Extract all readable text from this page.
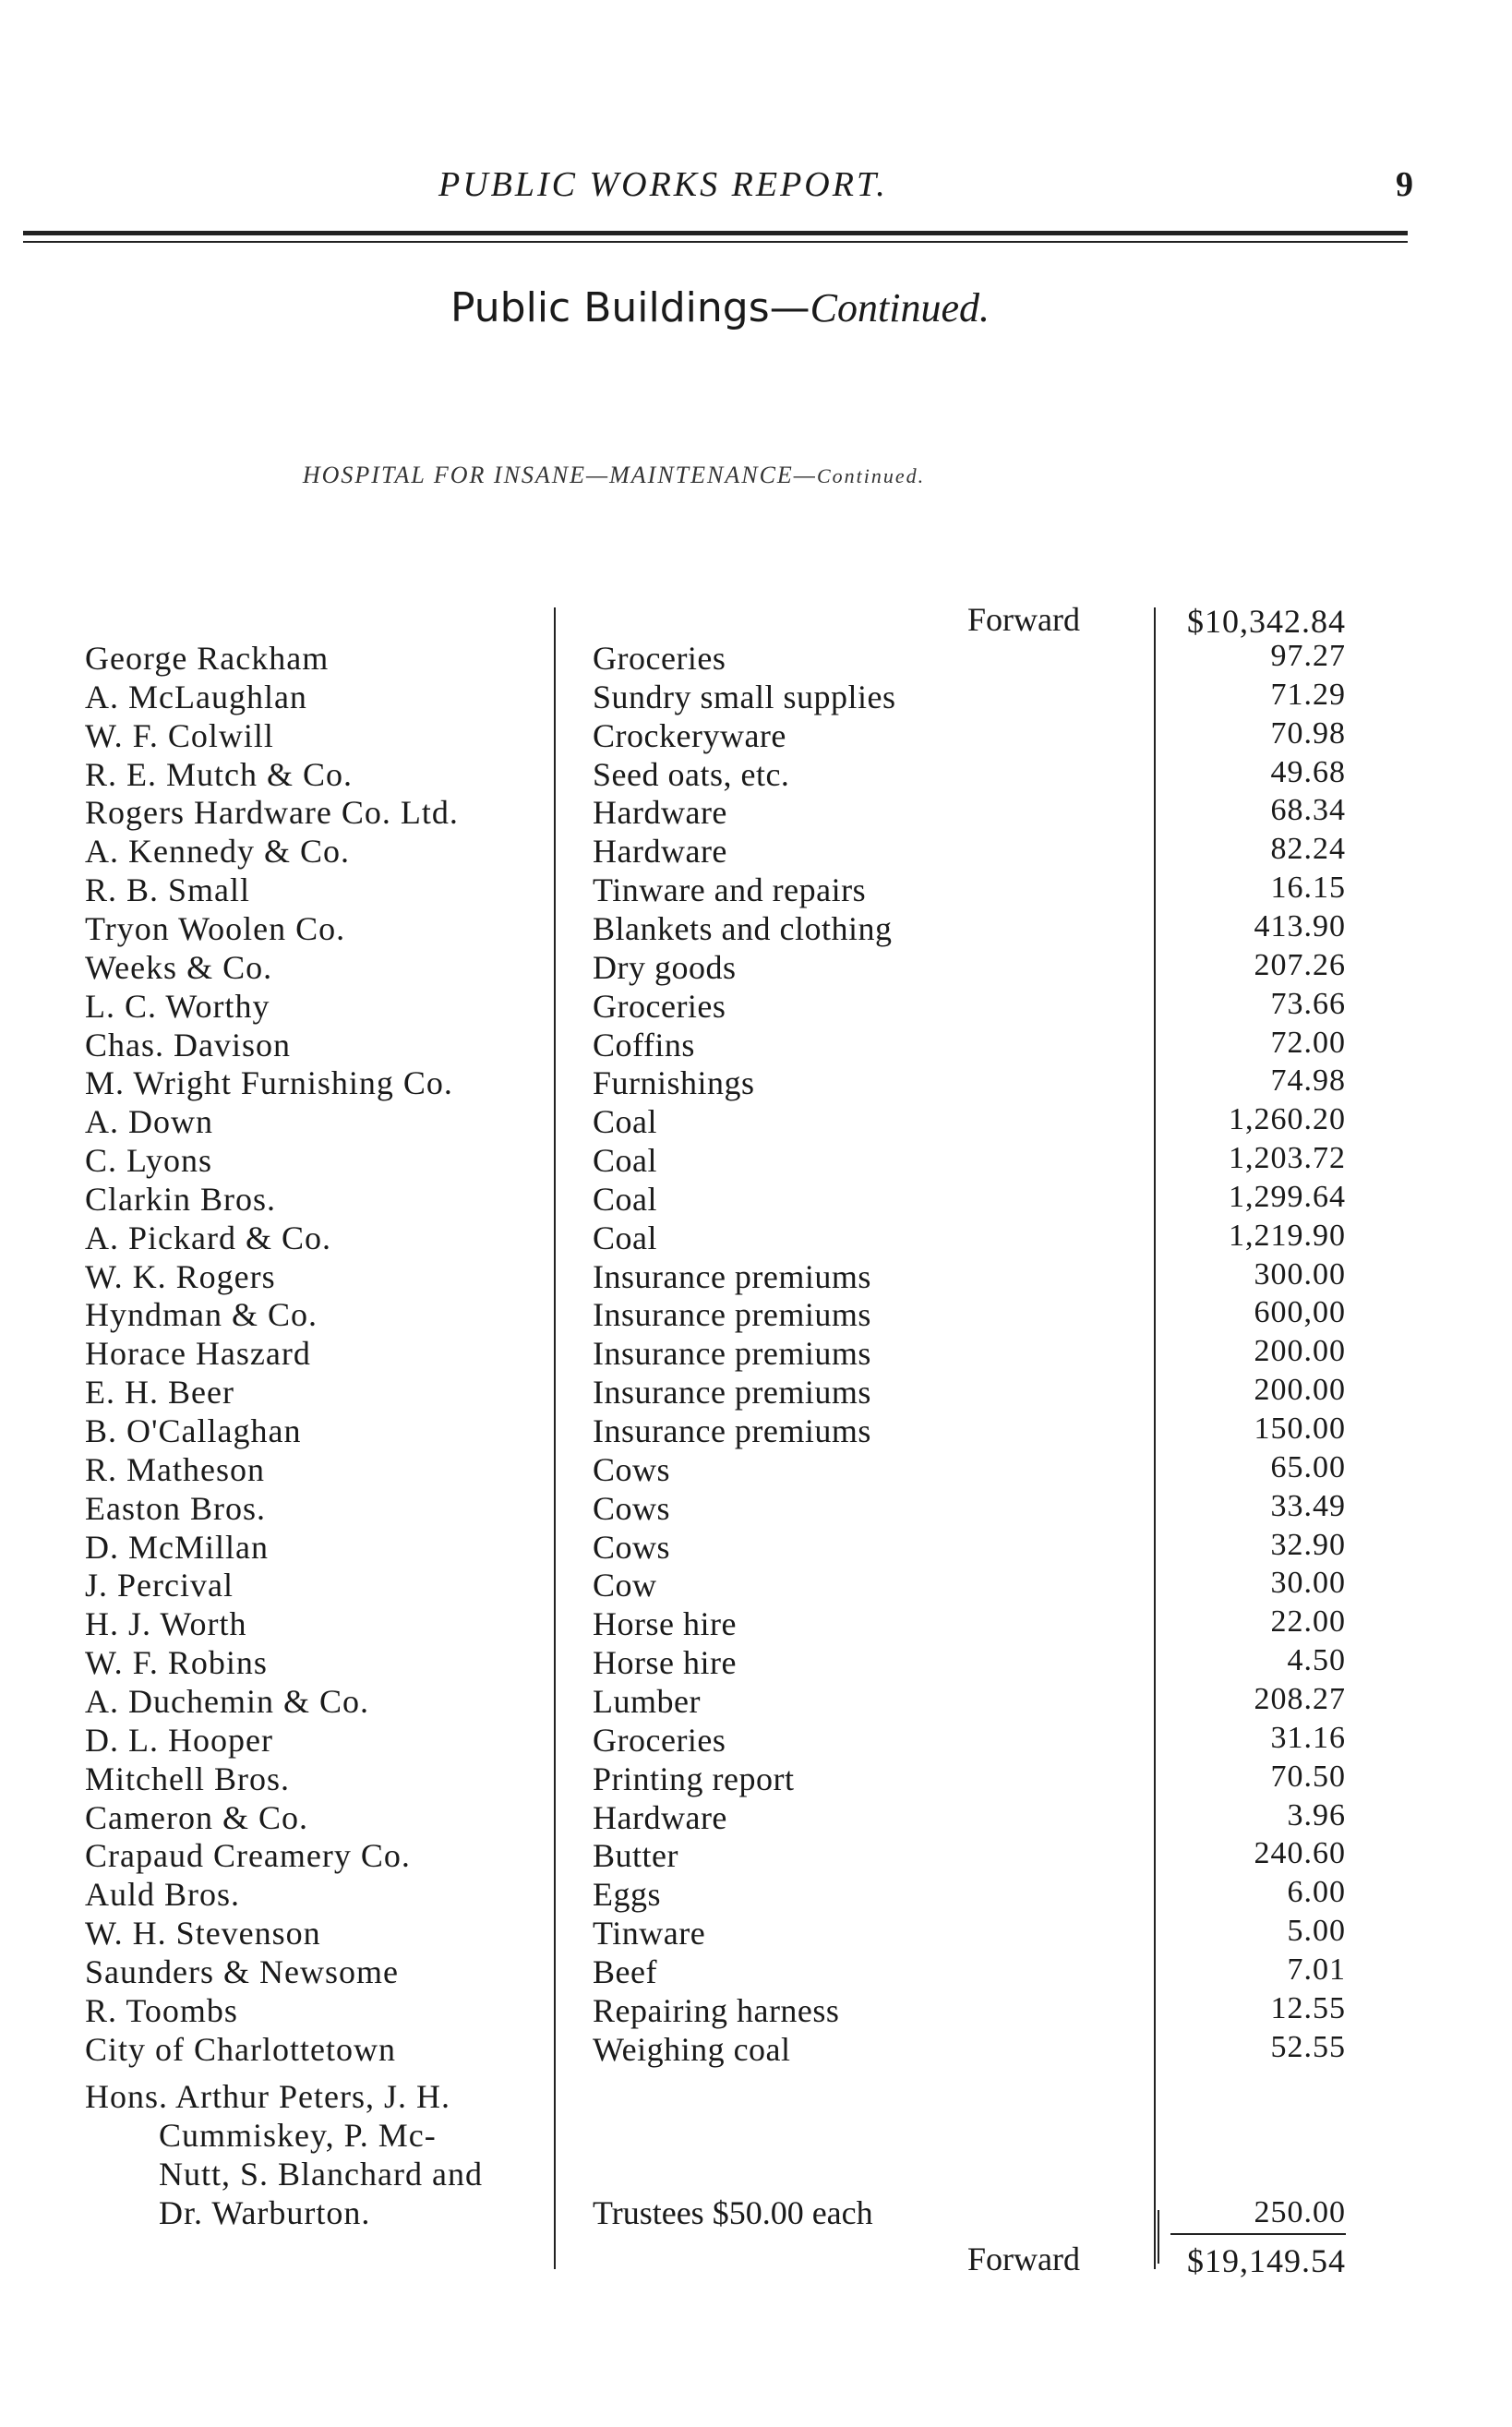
PUBLIC WORKS REPORT.	9
Public Buildings—Continued.
HOSPITAL FOR INSANE—MAINTENANCE—Continued.
Forward	$10,342.84
George Rackham	Groceries	97.27
A. McLaughlan	Sundry small supplies	71.29
W. F. Colwill	Crockeryware	70.98
R. E. Mutch & Co.	Seed oats, etc.	49.68
Rogers Hardware Co. Ltd.	Hardware	68.34
A. Kennedy & Co.	Hardware	82.24
R. B. Small	Tinware and repairs	16.15
Tryon Woolen Co.	Blankets and clothing	413.90
Weeks & Co.	Dry goods	207.26
L. C. Worthy	Groceries	73.66
Chas. Davison	Coffins	72.00
M. Wright Furnishing Co.	Furnishings	74.98
A. Down	Coal	1,260.20
C. Lyons	Coal	1,203.72
Clarkin Bros.	Coal	1,299.64
A. Pickard & Co.	Coal	1,219.90
W. K. Rogers	Insurance premiums	300.00
Hyndman & Co.	Insurance premiums	600,00
Horace Haszard	Insurance premiums	200.00
E. H. Beer	Insurance premiums	200.00
B. O'Callaghan	Insurance premiums	150.00
R. Matheson	Cows	65.00
Easton Bros.	Cows	33.49
D. McMillan	Cows	32.90
J. Percival	Cow	30.00
H. J. Worth	Horse hire	22.00
W. F. Robins	Horse hire	4.50
A. Duchemin & Co.	Lumber	208.27
D. L. Hooper	Groceries	31.16
Mitchell Bros.	Printing report	70.50
Cameron & Co.	Hardware	3.96
Crapaud Creamery Co.	Butter	240.60
Auld Bros.	Eggs	6.00
W. H. Stevenson	Tinware	5.00
Saunders & Newsome	Beef	7.01
R. Toombs	Repairing harness	12.55
City of Charlottetown	Weighing coal	52.55
Hons. Arthur Peters, J. H.
Cummiskey, P. Mc-
Nutt, S. Blanchard and
Dr. Warburton.	Trustees $50.00 each	250.00
Forward	$19,149.54
